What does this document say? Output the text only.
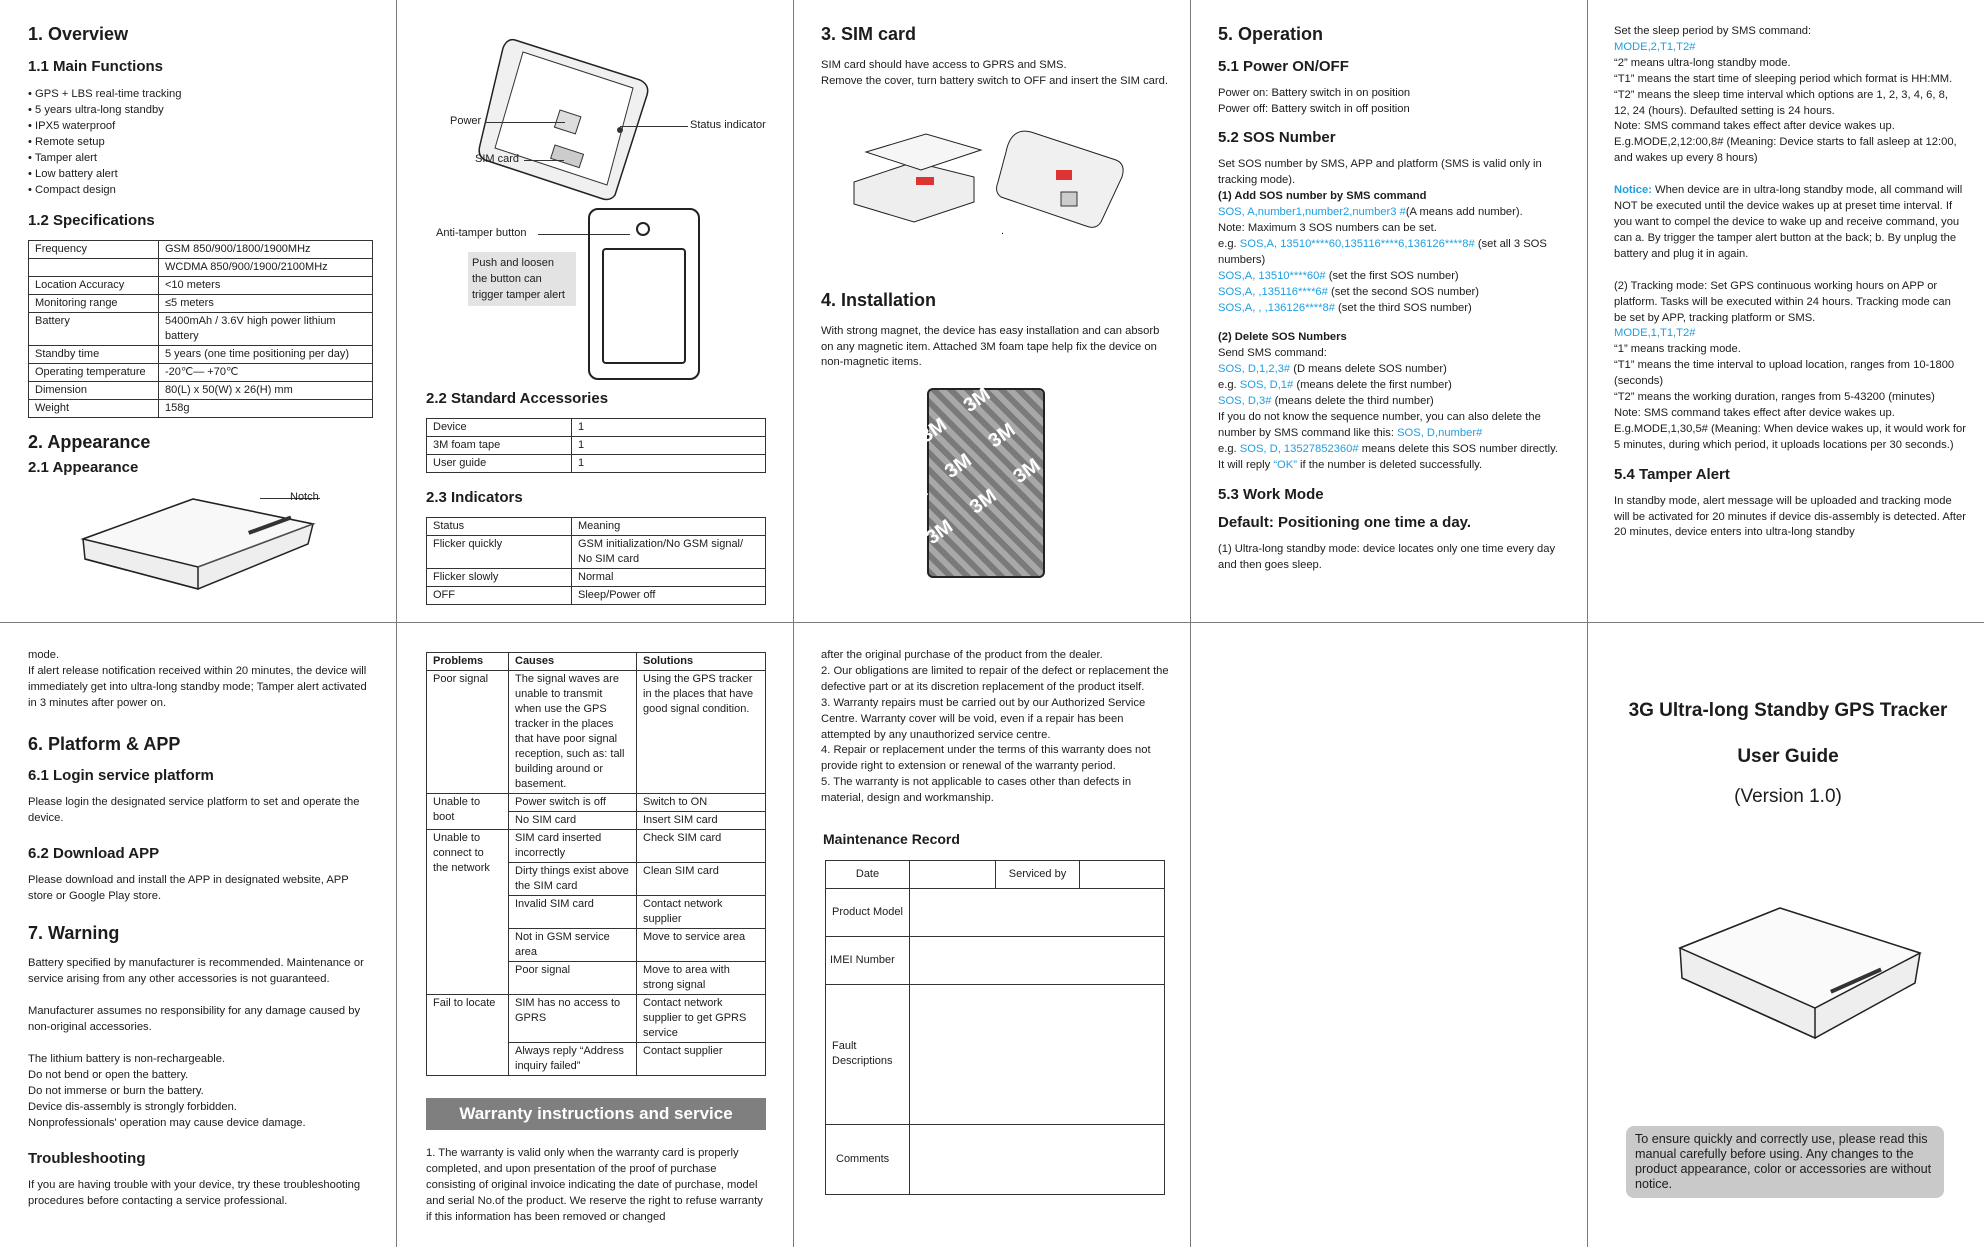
1. Overview
1.1 Main Functions
• GPS + LBS real-time tracking
• 5 years ultra-long standby
• IPX5 waterproof
• Remote setup
• Tamper alert
• Low battery alert
• Compact design
1.2 Specifications
Frequency	GSM 850/900/1800/1900MHz
	WCDMA 850/900/1900/2100MHz
Location Accuracy	<10 meters
Monitoring range	≤5 meters
Battery	5400mAh / 3.6V high power lithium battery
Standby time	5 years (one time positioning per day)
Operating temperature	-20℃— +70℃
Dimension	80(L) x 50(W) x 26(H) mm
Weight	158g
2. Appearance
2.1 Appearance
Notch
Power
SIM card
Status indicator
Anti-tamper button
Push and loosen
the button can
trigger tamper alert
2.2 Standard Accessories
Device	1
3M foam tape	1
User guide	1
2.3 Indicators
Status	Meaning
Flicker quickly	GSM initialization/No GSM signal/ No SIM card
Flicker slowly	Normal
OFF	Sleep/Power off
3. SIM card

SIM card should have access to GPRS and SMS.
Remove the cover, turn battery switch to OFF and insert the SIM card.

.
4. Installation

With strong magnet, the device has easy installation and can absorb on any magnetic item. Attached 3M foam tape help fix the device on non-magnetic items.

3M
3M
3M
3M
3M
3M
3M
3M
3M
3M
3M
3M
5. Operation
5.1 Power ON/OFF

Power on: Battery switch in on position
Power off: Battery switch in off position

5.2 SOS Number
Set SOS number by SMS, APP and platform (SMS is valid only in tracking mode).
(1) Add SOS number by SMS command
SOS, A,number1,number2,number3 #(A means add number).
Note: Maximum 3 SOS numbers can be set.
e.g. SOS,A, 13510****60,135116****6,136126****8# (set all 3 SOS numbers)
SOS,A, 13510****60# (set the first SOS number)
SOS,A, ,135116****6# (set the second SOS number)
SOS,A, , ,136126****8# (set the third SOS number)
(2) Delete SOS Numbers
Send SMS command:
SOS, D,1,2,3# (D means delete SOS number)
e.g. SOS, D,1# (means delete the first number)
SOS, D,3# (means delete the third number)
If you do not know the sequence number, you can also delete the number by SMS command like this: SOS, D,number#
e.g. SOS, D, 13527852360# means delete this SOS number directly.
It will reply “OK” if the number is deleted successfully.
5.3 Work Mode
Default: Positioning one time a day.

(1) Ultra-long standby mode: device locates only one time every day and then goes sleep.

Set the sleep period by SMS command:
MODE,2,T1,T2#
“2” means ultra-long standby mode.
“T1” means the start time of sleeping period which format is HH:MM.
“T2” means the sleep time interval which options are 1, 2, 3, 4, 6, 8, 12, 24 (hours). Defaulted setting is 24 hours.
Note: SMS command takes effect after device wakes up.
E.g.MODE,2,12:00,8# (Meaning: Device starts to fall asleep at 12:00, and wakes up every 8 hours)

Notice: When device are in ultra-long standby mode, all command will NOT be executed until the device wakes up at preset time interval. If you want to compel the device to wake up and receive command, you can a. By trigger the tamper alert button at the back; b. By unplug the battery and plug it in again.

(2) Tracking mode: Set GPS continuous working hours on APP or platform. Tasks will be executed within 24 hours. Tracking mode can be set by APP, tracking platform or SMS.
MODE,1,T1,T2#
“1” means tracking mode.
“T1” means the time interval to upload location, ranges from 10-1800 (seconds)
“T2” means the working duration, ranges from 5-43200 (minutes)
Note: SMS command takes effect after device wakes up.
E.g.MODE,1,30,5# (Meaning: When device wakes up, it would work for 5 minutes, during which period, it uploads locations per 30 seconds.)
5.4 Tamper Alert

In standby mode, alert message will be uploaded and tracking mode will be activated for 20 minutes if device dis-assembly is detected. After 20 minutes, device enters into ultra-long standby

mode.

If alert release notification received within 20 minutes, the device will immediately get into ultra-long standby mode; Tamper alert activated in 3 minutes after power on.

6. Platform & APP
6.1 Login service platform

Please login the designated service platform to set and operate the device.

6.2 Download APP

Please download and install the APP in designated website, APP store or Google Play store.

7. Warning

Battery specified by manufacturer is recommended. Maintenance or service arising from any other accessories is not guaranteed.

Manufacturer assumes no responsibility for any damage caused by non-original accessories.

The lithium battery is non-rechargeable.
Do not bend or open the battery.
Do not immerse or burn the battery.
Device dis-assembly is strongly forbidden.
Nonprofessionals' operation may cause device damage.
Troubleshooting

If you are having trouble with your device, try these troubleshooting procedures before contacting a service professional.

Problems	Causes	Solutions
Poor signal	The signal waves are unable to transmit when use the GPS tracker in the places that have poor signal reception, such as: tall building around or basement.	Using the GPS tracker in the places that have good signal condition.
Unable to boot	Power switch is off	Switch to ON
	No SIM card	Insert SIM card
Unable to connect to the network	SIM card inserted incorrectly	Check SIM card
	Dirty things exist above the SIM card	Clean SIM card
	Invalid SIM card	Contact network supplier
	Not in GSM service area	Move to service area
	Poor signal	Move to area with strong signal
Fail to locate	SIM has no access to GPRS	Contact network supplier to get GPRS service
	Always reply “Address inquiry failed”	Contact supplier
Warranty instructions and service

1. The warranty is valid only when the warranty card is properly completed, and upon presentation of the proof of purchase consisting of original invoice indicating the date of purchase, model and serial No.of the product. We reserve the right to refuse warranty if this information has been removed or changed

after the original purchase of the product from the dealer.

2. Our obligations are limited to repair of the defect or replacement the defective part or at its discretion replacement of the product itself.

3. Warranty repairs must be carried out by our Authorized Service Centre. Warranty cover will be void, even if a repair has been attempted by any unauthorized service centre.

4. Repair or replacement under the terms of this warranty does not provide right to extension or renewal of the warranty period.

5. The warranty is not applicable to cases other than defects in material, design and workmanship.

Maintenance Record
Date		Serviced by	
Product Model			
IMEI Number			
Fault Descriptions			
Comments			
3G Ultra-long Standby GPS Tracker
User Guide
(Version 1.0)
To ensure quickly and correctly use, please read this manual carefully before using. Any changes to the product appearance, color or accessories are without notice.
